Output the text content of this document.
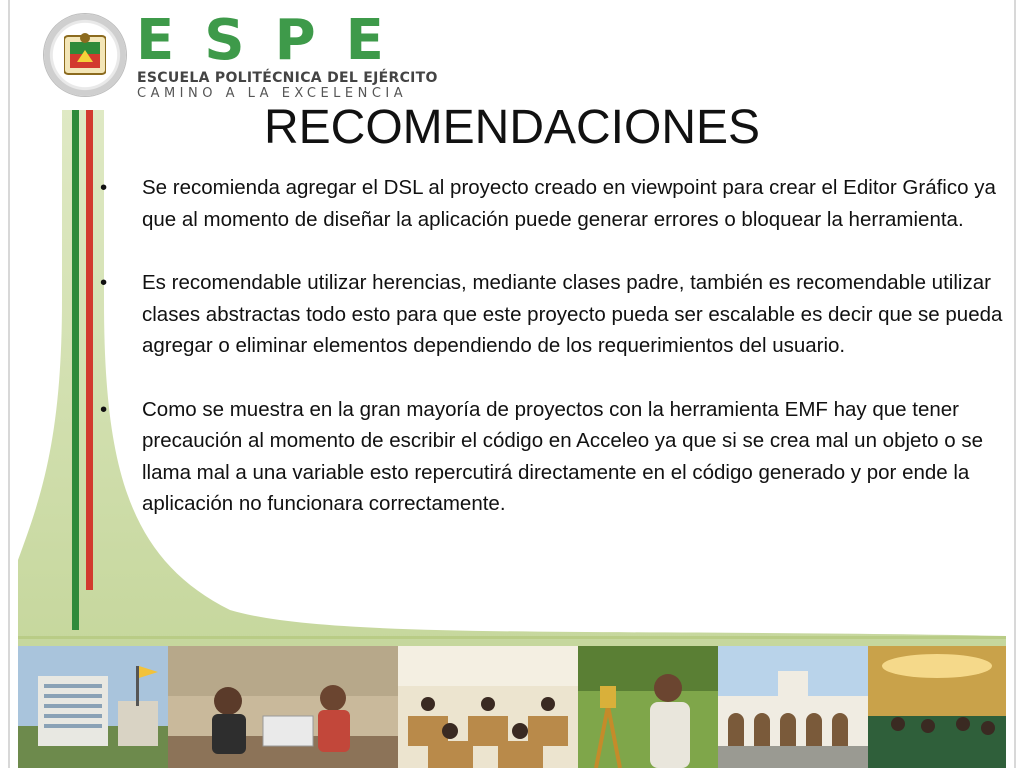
ESPE
ESCUELA POLITÉCNICA DEL EJÉRCITO
CAMINO A LA EXCELENCIA
RECOMENDACIONES
• Se recomienda agregar el DSL al proyecto creado en viewpoint para crear el Editor Gráfico ya que al momento de diseñar la aplicación puede generar errores o bloquear la herramienta.
• Es recomendable utilizar herencias, mediante clases padre, también es recomendable utilizar clases abstractas todo esto para que este proyecto pueda ser escalable es decir que se pueda agregar o eliminar elementos dependiendo de los requerimientos del usuario.
• Como se muestra en la gran mayoría de proyectos con la herramienta EMF hay que tener precaución al momento de escribir el código en Acceleo ya que si se crea mal un objeto o se llama mal a una variable esto repercutirá directamente en el código generado y por ende la aplicación no funcionara correctamente.
